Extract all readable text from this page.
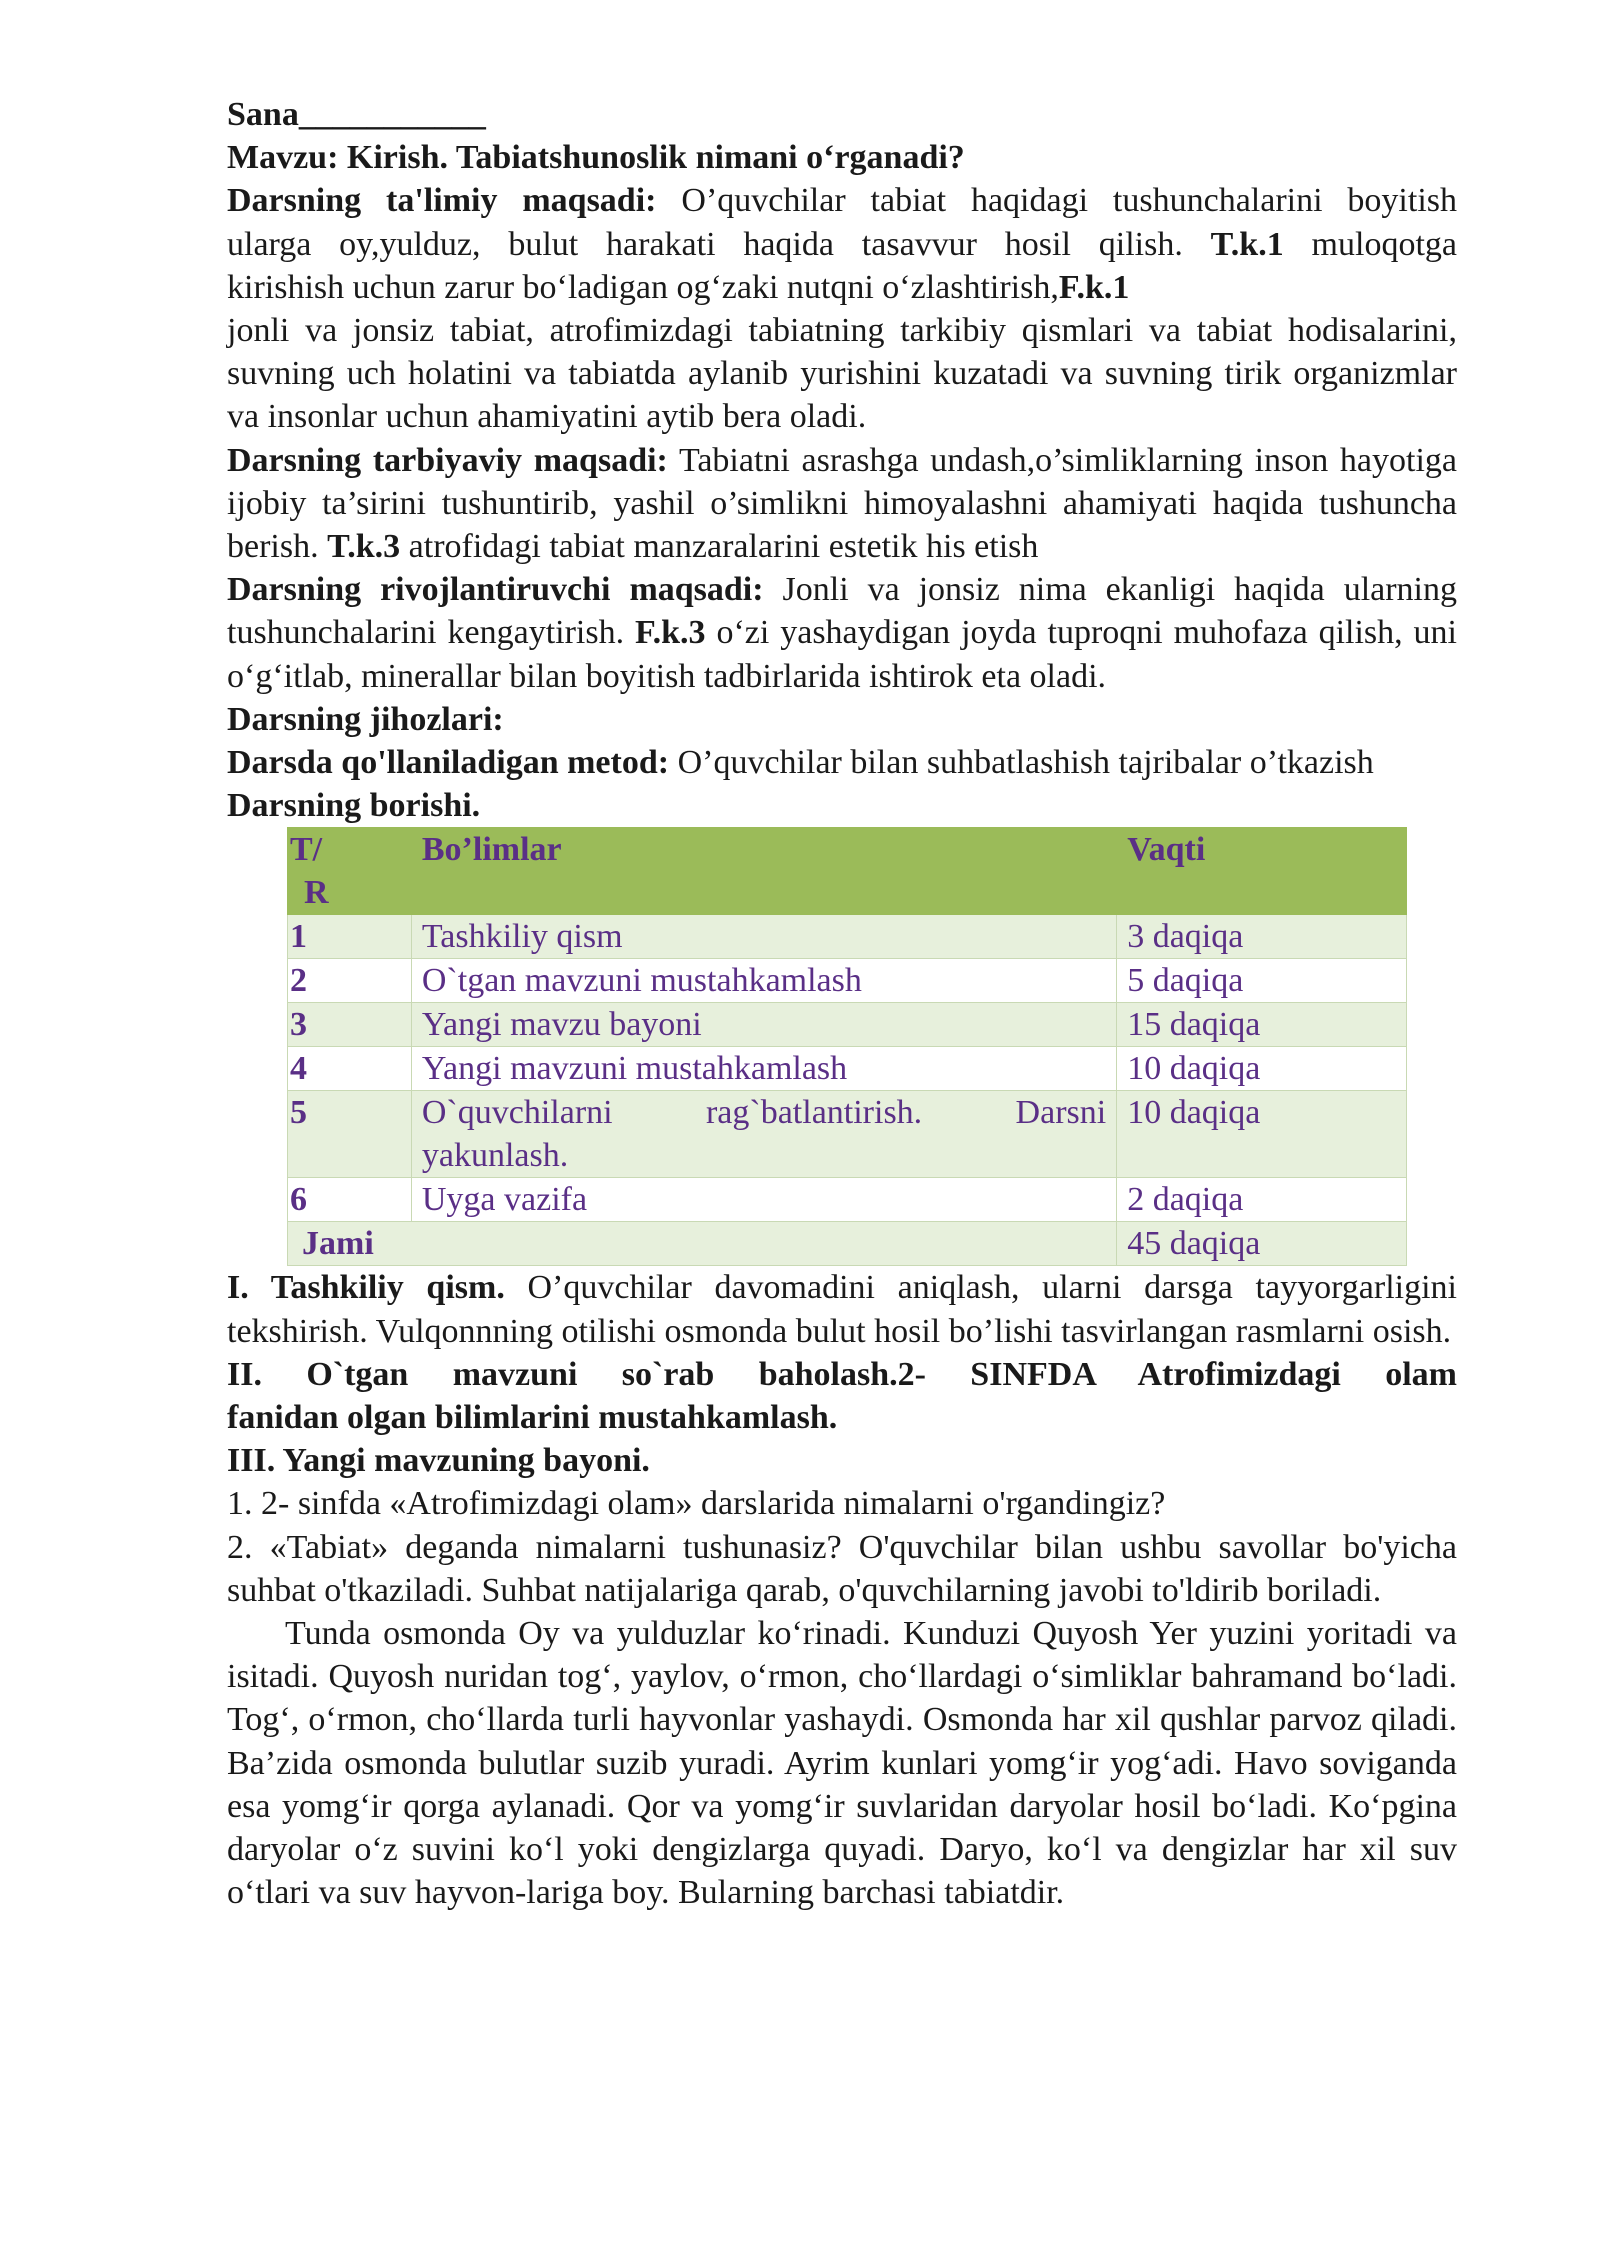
Sana___________

Mavzu: Kirish. Tabiatshunoslik nimani o‘rganadi?

Darsning ta'limiy maqsadi: O’quvchilar tabiat haqidagi tushunchalarini boyitish
ularga oy,yulduz, bulut harakati haqida tasavvur hosil qilish. T.k.1 muloqotga
kirishish uchun zarur bo‘ladigan og‘zaki nutqni o‘zlashtirish,F.k.1

jonli va jonsiz tabiat, atrofimizdagi tabiatning tarkibiy qismlari va tabiat hodisalarini, suvning uch holatini va tabiatda aylanib yurishini kuzatadi va suvning tirik organizmlar va insonlar uchun ahamiyatini aytib bera oladi.

Darsning tarbiyaviy maqsadi: Tabiatni asrashga undash,o’simliklarning inson hayotiga ijobiy ta’sirini tushuntirib, yashil o’simlikni himoyalashni ahamiyati haqida tushuncha berish. T.k.3 atrofidagi tabiat manzaralarini estetik his etish

Darsning rivojlantiruvchi maqsadi: Jonli va jonsiz nima ekanligi haqida ularning tushunchalarini kengaytirish. F.k.3 o‘zi yashaydigan joyda tuproqni muhofaza qilish, uni o‘g‘itlab, minerallar bilan boyitish tadbirlarida ishtirok eta oladi.

Darsning jihozlari:

Darsda qo'llaniladigan metod: O’quvchilar bilan suhbatlashish tajribalar o’tkazish

Darsning borishi.

T/
R	Bo’limlar	Vaqti
1	Tashkiliy qism	3 daqiqa
2	O`tgan mavzuni mustahkamlash	5 daqiqa
3	Yangi mavzu bayoni	15 daqiqa
4	Yangi mavzuni mustahkamlash	10 daqiqa
5	O`quvchilarni rag`batlantirish. Darsni
yakunlash.	10 daqiqa
6	Uyga vazifa	2 daqiqa
Jami		45 daqiqa

I. Tashkiliy qism. O’quvchilar davomadini aniqlash, ularni darsga tayyorgarligini tekshirish. Vulqonnning otilishi osmonda bulut hosil bo’lishi tasvirlangan rasmlarni osish.

II. O`tgan mavzuni so`rab baholash.2- SINFDA Atrofimizdagi olam
fanidan olgan bilimlarini mustahkamlash.

III. Yangi mavzuning bayoni.

1. 2- sinfda «Atrofimizdagi olam» darslarida nimalarni o'rgandingiz?

2. «Tabiat» deganda nimalarni tushunasiz? O'quvchilar bilan ushbu savollar bo'yicha suhbat o'tkaziladi. Suhbat natijalariga qarab, o'quvchilarning javobi to'ldirib boriladi.

Tunda osmonda Oy va yulduzlar ko‘rinadi. Kunduzi Quyosh Yer yuzini yoritadi va isitadi. Quyosh nuridan tog‘, yaylov, o‘rmon, cho‘llardagi o‘simliklar bahramand bo‘ladi. Tog‘, o‘rmon, cho‘llarda turli hayvonlar yashaydi. Osmonda har xil qushlar parvoz qiladi. Ba’zida osmonda bulutlar suzib yuradi. Ayrim kunlari yomg‘ir yog‘adi. Havo soviganda esa yomg‘ir qorga aylanadi. Qor va yomg‘ir suvlaridan daryolar hosil bo‘ladi. Ko‘pgina daryolar o‘z suvini ko‘l yoki dengizlarga quyadi. Daryo, ko‘l va dengizlar har xil suv o‘tlari va suv hayvon-lariga boy. Bularning barchasi tabiatdir.
